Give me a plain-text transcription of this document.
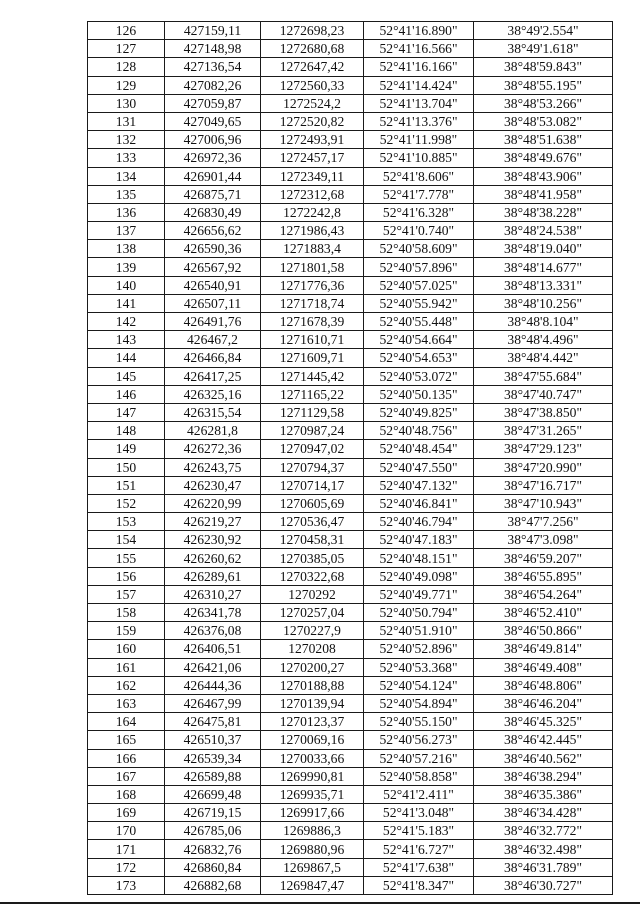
126	427159,11	1272698,23	52°41'16.890"	38°49'2.554"
127	427148,98	1272680,68	52°41'16.566"	38°49'1.618"
128	427136,54	1272647,42	52°41'16.166"	38°48'59.843"
129	427082,26	1272560,33	52°41'14.424"	38°48'55.195"
130	427059,87	1272524,2	52°41'13.704"	38°48'53.266"
131	427049,65	1272520,82	52°41'13.376"	38°48'53.082"
132	427006,96	1272493,91	52°41'11.998"	38°48'51.638"
133	426972,36	1272457,17	52°41'10.885"	38°48'49.676"
134	426901,44	1272349,11	52°41'8.606"	38°48'43.906"
135	426875,71	1272312,68	52°41'7.778"	38°48'41.958"
136	426830,49	1272242,8	52°41'6.328"	38°48'38.228"
137	426656,62	1271986,43	52°41'0.740"	38°48'24.538"
138	426590,36	1271883,4	52°40'58.609"	38°48'19.040"
139	426567,92	1271801,58	52°40'57.896"	38°48'14.677"
140	426540,91	1271776,36	52°40'57.025"	38°48'13.331"
141	426507,11	1271718,74	52°40'55.942"	38°48'10.256"
142	426491,76	1271678,39	52°40'55.448"	38°48'8.104"
143	426467,2	1271610,71	52°40'54.664"	38°48'4.496"
144	426466,84	1271609,71	52°40'54.653"	38°48'4.442"
145	426417,25	1271445,42	52°40'53.072"	38°47'55.684"
146	426325,16	1271165,22	52°40'50.135"	38°47'40.747"
147	426315,54	1271129,58	52°40'49.825"	38°47'38.850"
148	426281,8	1270987,24	52°40'48.756"	38°47'31.265"
149	426272,36	1270947,02	52°40'48.454"	38°47'29.123"
150	426243,75	1270794,37	52°40'47.550"	38°47'20.990"
151	426230,47	1270714,17	52°40'47.132"	38°47'16.717"
152	426220,99	1270605,69	52°40'46.841"	38°47'10.943"
153	426219,27	1270536,47	52°40'46.794"	38°47'7.256"
154	426230,92	1270458,31	52°40'47.183"	38°47'3.098"
155	426260,62	1270385,05	52°40'48.151"	38°46'59.207"
156	426289,61	1270322,68	52°40'49.098"	38°46'55.895"
157	426310,27	1270292	52°40'49.771"	38°46'54.264"
158	426341,78	1270257,04	52°40'50.794"	38°46'52.410"
159	426376,08	1270227,9	52°40'51.910"	38°46'50.866"
160	426406,51	1270208	52°40'52.896"	38°46'49.814"
161	426421,06	1270200,27	52°40'53.368"	38°46'49.408"
162	426444,36	1270188,88	52°40'54.124"	38°46'48.806"
163	426467,99	1270139,94	52°40'54.894"	38°46'46.204"
164	426475,81	1270123,37	52°40'55.150"	38°46'45.325"
165	426510,37	1270069,16	52°40'56.273"	38°46'42.445"
166	426539,34	1270033,66	52°40'57.216"	38°46'40.562"
167	426589,88	1269990,81	52°40'58.858"	38°46'38.294"
168	426699,48	1269935,71	52°41'2.411"	38°46'35.386"
169	426719,15	1269917,66	52°41'3.048"	38°46'34.428"
170	426785,06	1269886,3	52°41'5.183"	38°46'32.772"
171	426832,76	1269880,96	52°41'6.727"	38°46'32.498"
172	426860,84	1269867,5	52°41'7.638"	38°46'31.789"
173	426882,68	1269847,47	52°41'8.347"	38°46'30.727"
